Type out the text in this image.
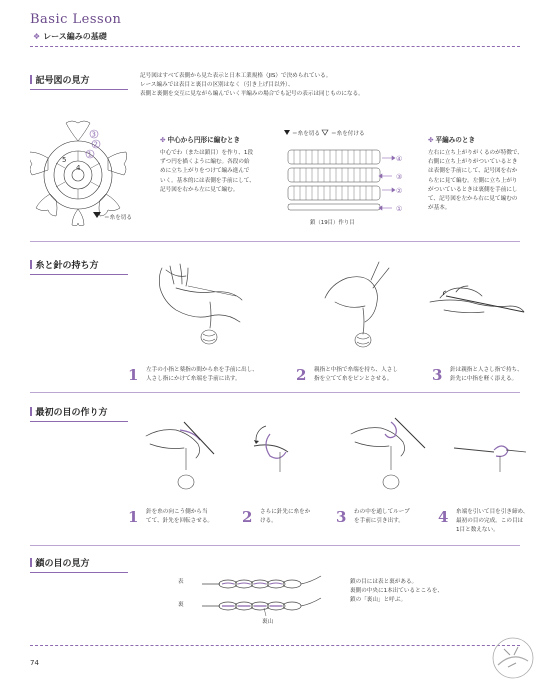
Basic Lesson
❖ レース編みの基礎
記号図の見方	記号図はすべて表側から見た表示と日本工業規格（JIS）で決められている。
レース編みでは表目と裏目の区別はなく（引き上げ目以外）、
表側と裏側を交互に見ながら編んでいく平編みの場合でも記号の表示は同じものになる。
5
4
3
2
1
＝糸を切る
✤ 中心から円形に編むとき
中心でわ（または鎖目）を作り、1段
ずつ円を描くように編む。各段の始
めに立ち上がりをつけて編み進んで
いく。基本的には表側を手前にして、
記号図を右から左に見て編む。
＝糸を切る ＝糸を付ける
④
③
②
①
鎖（19目）作り目
✤ 平編みのとき
左右に立ち上がりがくるのが特徴で、
右側に立ち上がりがついているとき
は表側を手前にして、記号図を右か
ら左に見て編む。左側に立ち上がり
がついているときは裏側を手前にし
て、記号図を左から右に見て編むの
が基本。
糸と針の持ち方
1 左手の小指と薬指の間から糸を手前に出し、
人さし指にかけて糸端を手前に出す。	2 親指と中指で糸端を持ち、人さし
指を立てて糸をピンとさせる。	3 針は親指と人さし指で持ち、
針先に中指を軽く添える。
最初の目の作り方
1 針を糸の向こう側から当
てて、針先を回転させる。 2 さらに針先に糸をか
ける。	3 わの中を通してループ
を手前に引き出す。	4 糸端を引いて目を引き締め、
最初の目の完成。この目は
1目と数えない。
鎖の目の見方
表
裏
裏山
鎖の目には表と裏がある。
裏側の中央に1本出ているところを、
鎖の「裏山」と呼ぶ。
74
